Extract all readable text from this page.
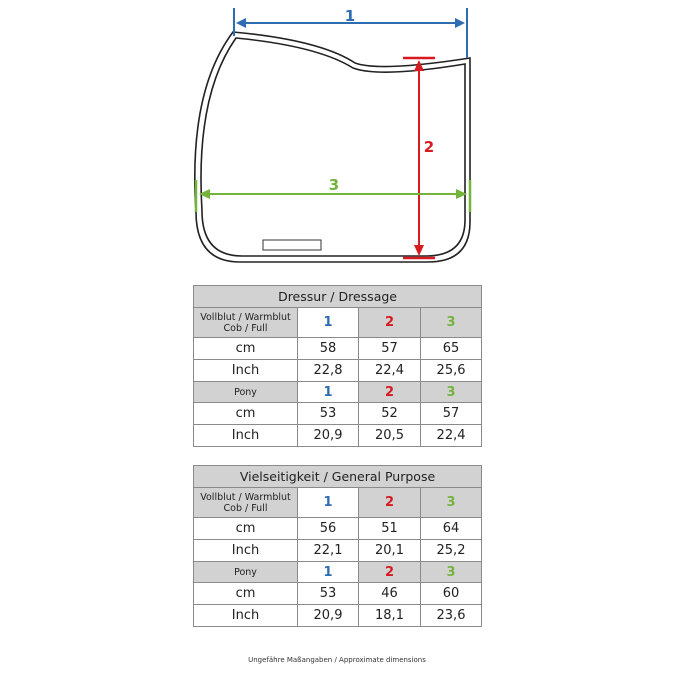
1
2
3
Dressur / Dressage			
Vollblut / Warmblut
Cob / Full	1	2	3
cm	58	57	65
Inch	22,8	22,4	25,6
Pony	1	2	3
cm	53	52	57
Inch	20,9	20,5	22,4
Vielseitigkeit / General Purpose			
Vollblut / Warmblut
Cob / Full	1	2	3
cm	56	51	64
Inch	22,1	20,1	25,2
Pony	1	2	3
cm	53	46	60
Inch	20,9	18,1	23,6
Ungefähre Maßangaben / Approximate dimensions
